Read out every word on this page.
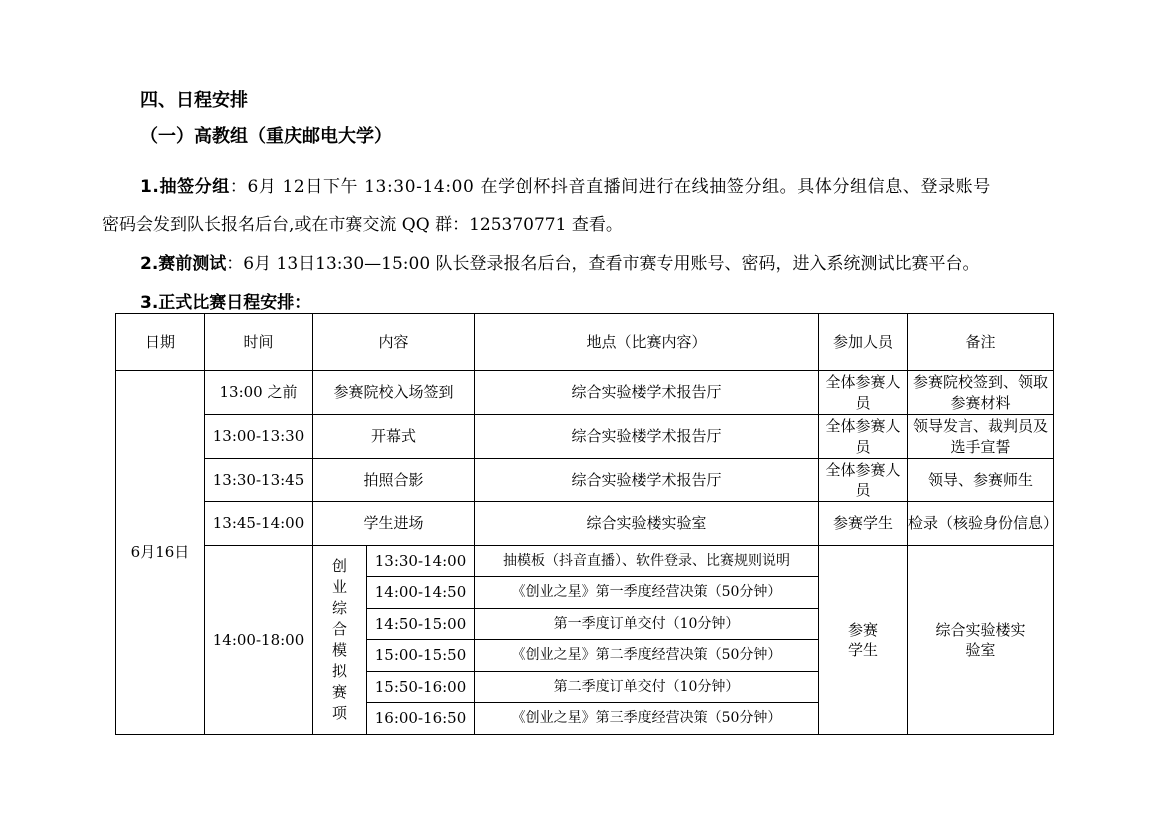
四、日程安排
（一）高教组（重庆邮电大学）
1.抽签分组：6月 12日下午 13:30-14:00 在学创杯抖音直播间进行在线抽签分组。具体分组信息、登录账号
密码会发到队长报名后台,或在市赛交流 QQ 群：125370771 查看。
2.赛前测试：6月 13日13:30—15:00 队长登录报名后台，查看市赛专用账号、密码，进入系统测试比赛平台。
3.正式比赛日程安排：
日期	时间	内容		地点（比赛内容）	参加人员	备注
6月16日	13:00 之前	参赛院校入场签到		综合实验楼学术报告厅	全体参赛人员	参赛院校签到、领取参赛材料
	13:00-13:30	开幕式		综合实验楼学术报告厅	全体参赛人员	领导发言、裁判员及选手宣誓
	13:30-13:45	拍照合影		综合实验楼学术报告厅	全体参赛人员	领导、参赛师生
	13:45-14:00	学生进场		综合实验楼实验室	参赛学生	检录（核验身份信息）
	14:00-18:00	创业综合模拟赛项	13:30-14:00	抽模板（抖音直播）、软件登录、比赛规则说明	参赛学生	综合实验楼实验室
			14:00-14:50	《创业之星》第一季度经营决策（50分钟）		
			14:50-15:00	第一季度订单交付（10分钟）		
			15:00-15:50	《创业之星》第二季度经营决策（50分钟）		
			15:50-16:00	第二季度订单交付（10分钟）		
			16:00-16:50	《创业之星》第三季度经营决策（50分钟）		
